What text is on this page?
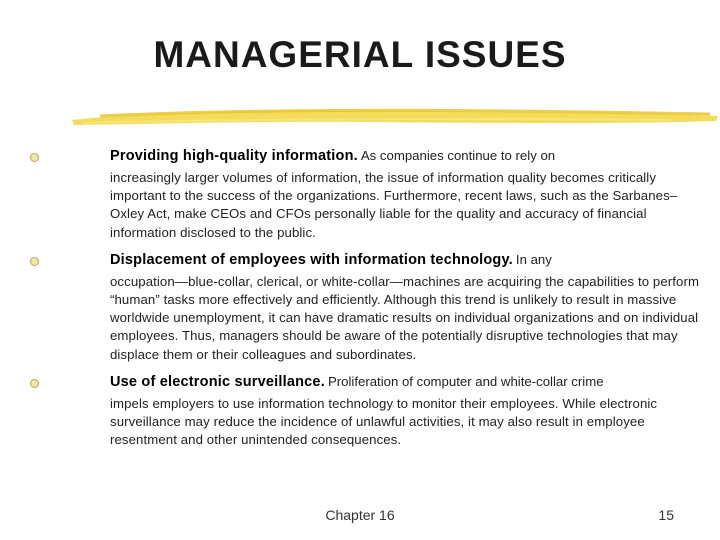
MANAGERIAL ISSUES
Providing high-quality information. As companies continue to rely on
increasingly larger volumes of information, the issue of information quality becomes critically important to the success of the organizations. Furthermore, recent laws, such as the Sarbanes–Oxley Act, make CEOs and CFOs personally liable for the quality and accuracy of financial information disclosed to the public.
Displacement of employees with information technology. In any
occupation—blue-collar, clerical, or white-collar—machines are acquiring the capabilities to perform “human” tasks more effectively and efficiently. Although this trend is unlikely to result in massive worldwide unemployment, it can have dramatic results on individual organizations and on individual employees. Thus, managers should be aware of the potentially disruptive technologies that may displace them or their colleagues and subordinates.
Use of electronic surveillance. Proliferation of computer and white-collar crime
impels employers to use information technology to monitor their employees. While electronic surveillance may reduce the incidence of unlawful activities, it may also result in employee resentment and other unintended consequences.
Chapter 16	15
